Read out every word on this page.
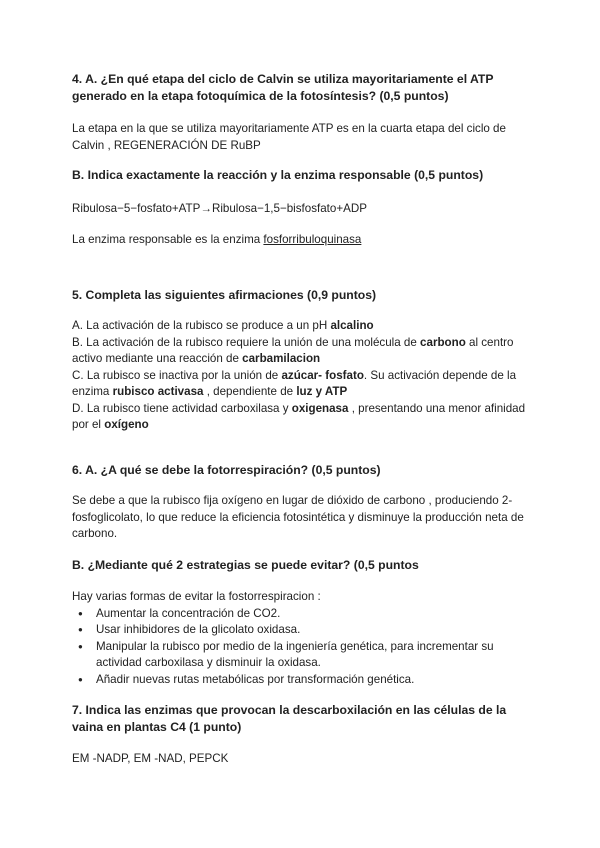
4. A. ¿En qué etapa del ciclo de Calvin se utiliza mayoritariamente el ATP generado en la etapa fotoquímica de la fotosíntesis? (0,5 puntos)
La etapa en la que se utiliza mayoritariamente ATP es en la cuarta etapa del ciclo de Calvin , REGENERACIÓN DE RuBP
B. Indica exactamente la reacción y la enzima responsable (0,5 puntos)
Ribulosa−5−fosfato+ATP→Ribulosa−1,5−bisfosfato+ADP
La enzima responsable es la enzima fosforribuloquinasa
5. Completa las siguientes afirmaciones (0,9 puntos)
A. La activación de la rubisco se produce a un pH alcalino
B. La activación de la rubisco requiere la unión de una molécula de carbono al centro activo mediante una reacción de carbamilacion
C. La rubisco se inactiva por la unión de azúcar- fosfato. Su activación depende de la enzima rubisco activasa , dependiente de luz y ATP
D. La rubisco tiene actividad carboxilasa y oxigenasa , presentando una menor afinidad por el oxígeno
6. A. ¿A qué se debe la fotorrespiración? (0,5 puntos)
Se debe a que la rubisco fija oxígeno en lugar de dióxido de carbono , produciendo 2-fosfoglicolato, lo que reduce la eficiencia fotosintética y disminuye la producción neta de carbono.
B. ¿Mediante qué 2 estrategias se puede evitar? (0,5 puntos
Hay varias formas de evitar la fostorrespiracion :
● Aumentar la concentración de CO2.
● Usar inhibidores de la glicolato oxidasa.
● Manipular la rubisco por medio de la ingeniería genética, para incrementar su actividad carboxilasa y disminuir la oxidasa.
● Añadir nuevas rutas metabólicas por transformación genética.
7. Indica las enzimas que provocan la descarboxilación en las células de la vaina en plantas C4 (1 punto)
EM -NADP, EM -NAD, PEPCK
